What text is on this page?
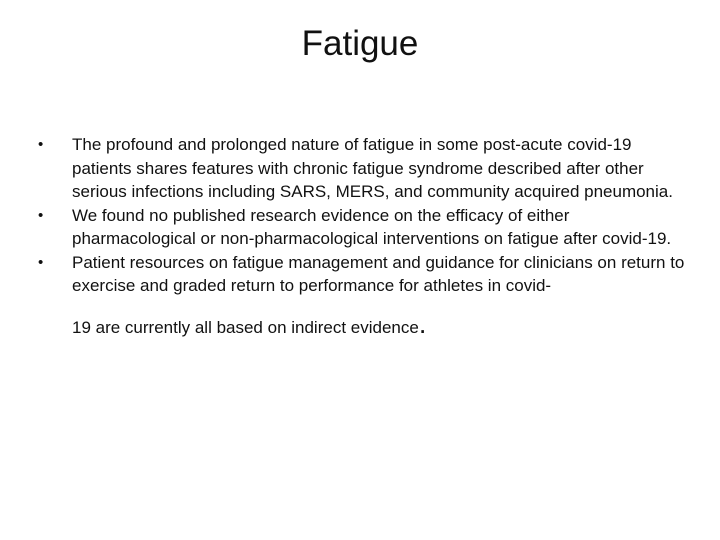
Fatigue
•	The profound and prolonged nature of fatigue in some post-acute covid-19 patients shares features with chronic fatigue syndrome described after other serious infections including SARS, MERS, and community acquired pneumonia.
•	We found no published research evidence on the efficacy of either pharmacological or non-pharmacological interventions on fatigue after covid-19.
•	Patient resources on fatigue management and guidance for clinicians on return to exercise and graded return to performance for athletes in covid-
19 are currently all based on indirect evidence.
